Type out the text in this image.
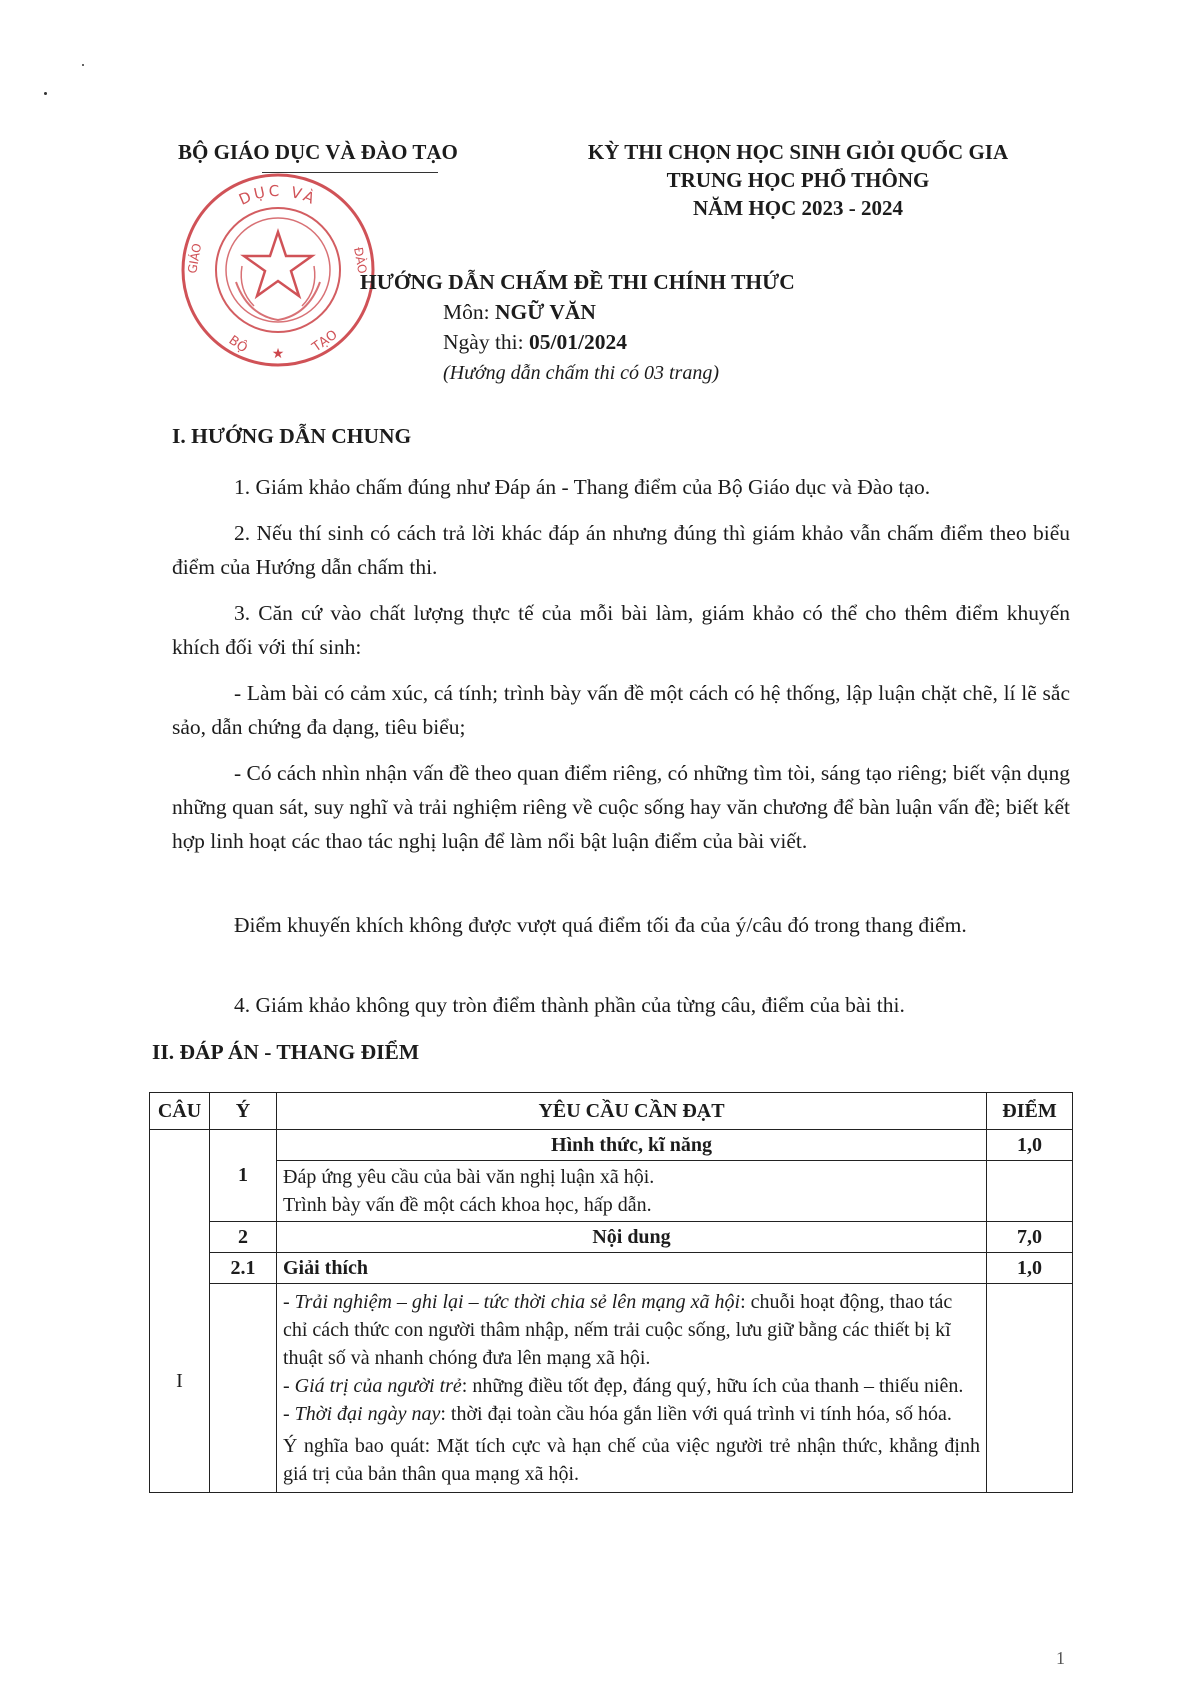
BỘ GIÁO DỤC VÀ ĐÀO TẠO	KỲ THI CHỌN HỌC SINH GIỎI QUỐC GIA
TRUNG HỌC PHỔ THÔNG
NĂM HỌC 2023 - 2024
DỤC VÀ
GIÁO	ĐÀO
BỘ	TẠO
★
HƯỚNG DẪN CHẤM ĐỀ THI CHÍNH THỨC
Môn: NGỮ VĂN
Ngày thi: 05/01/2024
(Hướng dẫn chấm thi có 03 trang)
I. HƯỚNG DẪN CHUNG
1. Giám khảo chấm đúng như Đáp án - Thang điểm của Bộ Giáo dục và Đào tạo.
2. Nếu thí sinh có cách trả lời khác đáp án nhưng đúng thì giám khảo vẫn chấm điểm theo biểu điểm của Hướng dẫn chấm thi.
3. Căn cứ vào chất lượng thực tế của mỗi bài làm, giám khảo có thể cho thêm điểm khuyến khích đối với thí sinh:
- Làm bài có cảm xúc, cá tính; trình bày vấn đề một cách có hệ thống, lập luận chặt chẽ, lí lẽ sắc sảo, dẫn chứng đa dạng, tiêu biểu;
- Có cách nhìn nhận vấn đề theo quan điểm riêng, có những tìm tòi, sáng tạo riêng; biết vận dụng những quan sát, suy nghĩ và trải nghiệm riêng về cuộc sống hay văn chương để bàn luận vấn đề; biết kết hợp linh hoạt các thao tác nghị luận để làm nổi bật luận điểm của bài viết.
Điểm khuyến khích không được vượt quá điểm tối đa của ý/câu đó trong thang điểm.
4. Giám khảo không quy tròn điểm thành phần của từng câu, điểm của bài thi.
II. ĐÁP ÁN - THANG ĐIỂM
CÂU	Ý	YÊU CẦU CẦN ĐẠT	ĐIỂM
I	1	Hình thức, kĩ năng	1,0

		Đáp ứng yêu cầu của bài văn nghị luận xã hội.
Trình bày vấn đề một cách khoa học, hấp dẫn.	

	2	Nội dung	7,0
	2.1	Giải thích	1,0

		- Trải nghiệm – ghi lại – tức thời chia sẻ lên mạng xã hội: chuỗi hoạt động, thao tác chỉ cách thức con người thâm nhập, nếm trải cuộc sống, lưu giữ bằng các thiết bị kĩ thuật số và nhanh chóng đưa lên mạng xã hội.
- Giá trị của người trẻ: những điều tốt đẹp, đáng quý, hữu ích của thanh – thiếu niên.
- Thời đại ngày nay: thời đại toàn cầu hóa gắn liền với quá trình vi tính hóa, số hóa.
Ý nghĩa bao quát: Mặt tích cực và hạn chế của việc người trẻ nhận thức, khẳng định giá trị của bản thân qua mạng xã hội.	

1
